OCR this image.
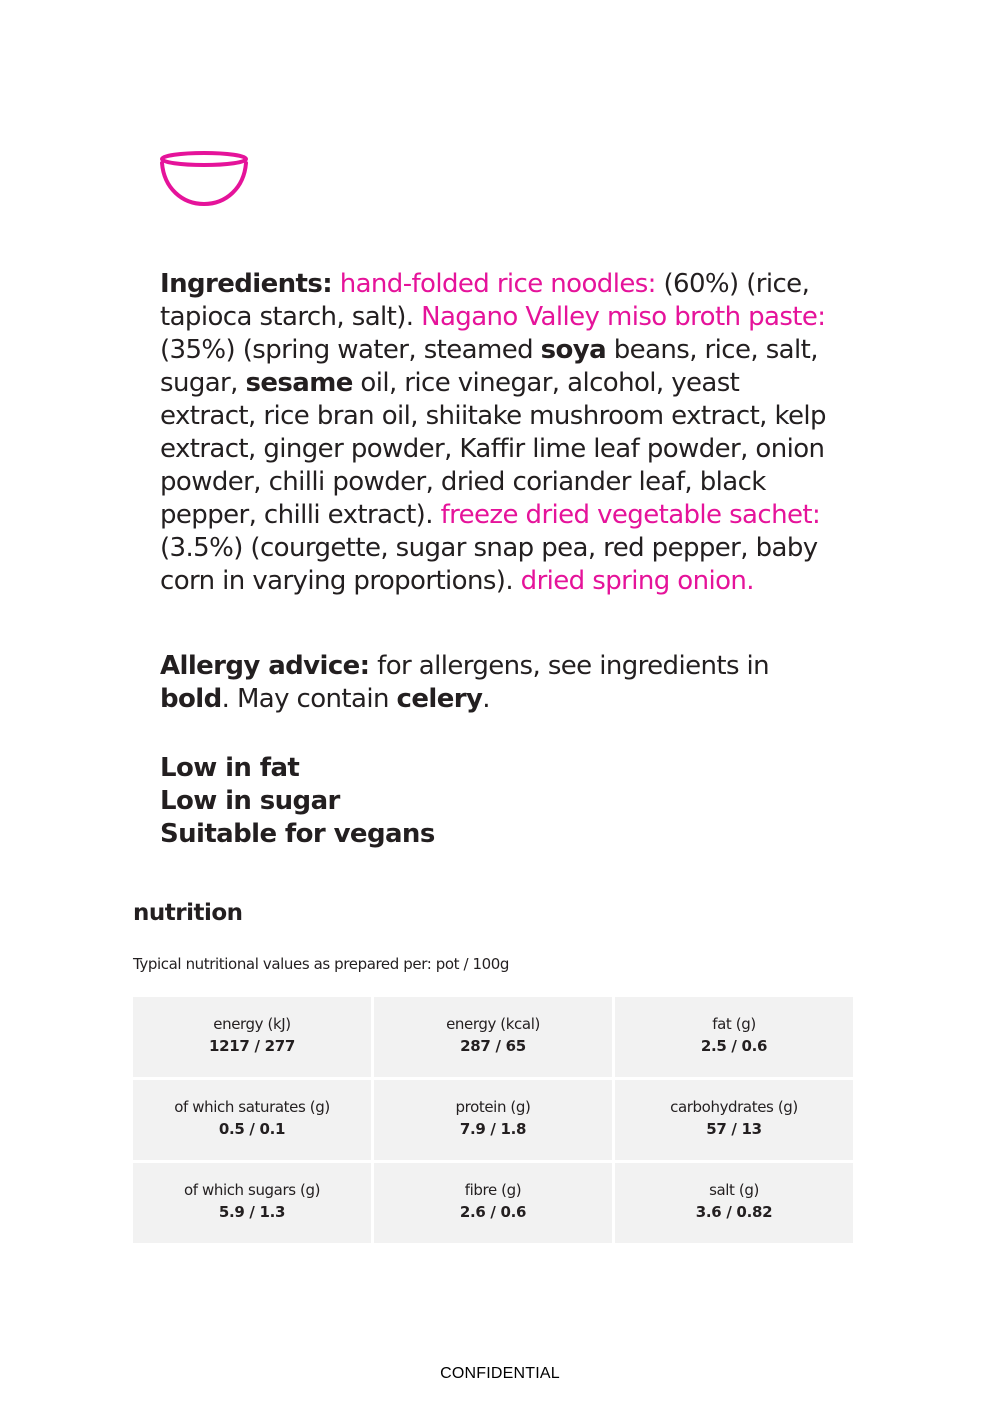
Ingredients: hand-folded rice noodles: (60%) (rice, tapioca starch, salt). Nagano Valley miso broth paste: (35%) (spring water, steamed soya beans, rice, salt, sugar, sesame oil, rice vinegar, alcohol, yeast extract, rice bran oil, shiitake mushroom extract, kelp extract, ginger powder, Kaffir lime leaf powder, onion powder, chilli powder, dried coriander leaf, black pepper, chilli extract). freeze dried vegetable sachet: (3.5%) (courgette, sugar snap pea, red pepper, baby corn in varying proportions). dried spring onion.

Allergy advice: for allergens, see ingredients in bold. May contain celery.

Low in fat
Low in sugar
Suitable for vegans
nutrition

Typical nutritional values as prepared per: pot / 100g

energy (kJ)
1217 / 277
energy (kcal)
287 / 65
fat (g)
2.5 / 0.6
of which saturates (g)
0.5 / 0.1
protein (g)
7.9 / 1.8
carbohydrates (g)
57 / 13
of which sugars (g)
5.9 / 1.3
fibre (g)
2.6 / 0.6
salt (g)
3.6 / 0.82
CONFIDENTIAL
